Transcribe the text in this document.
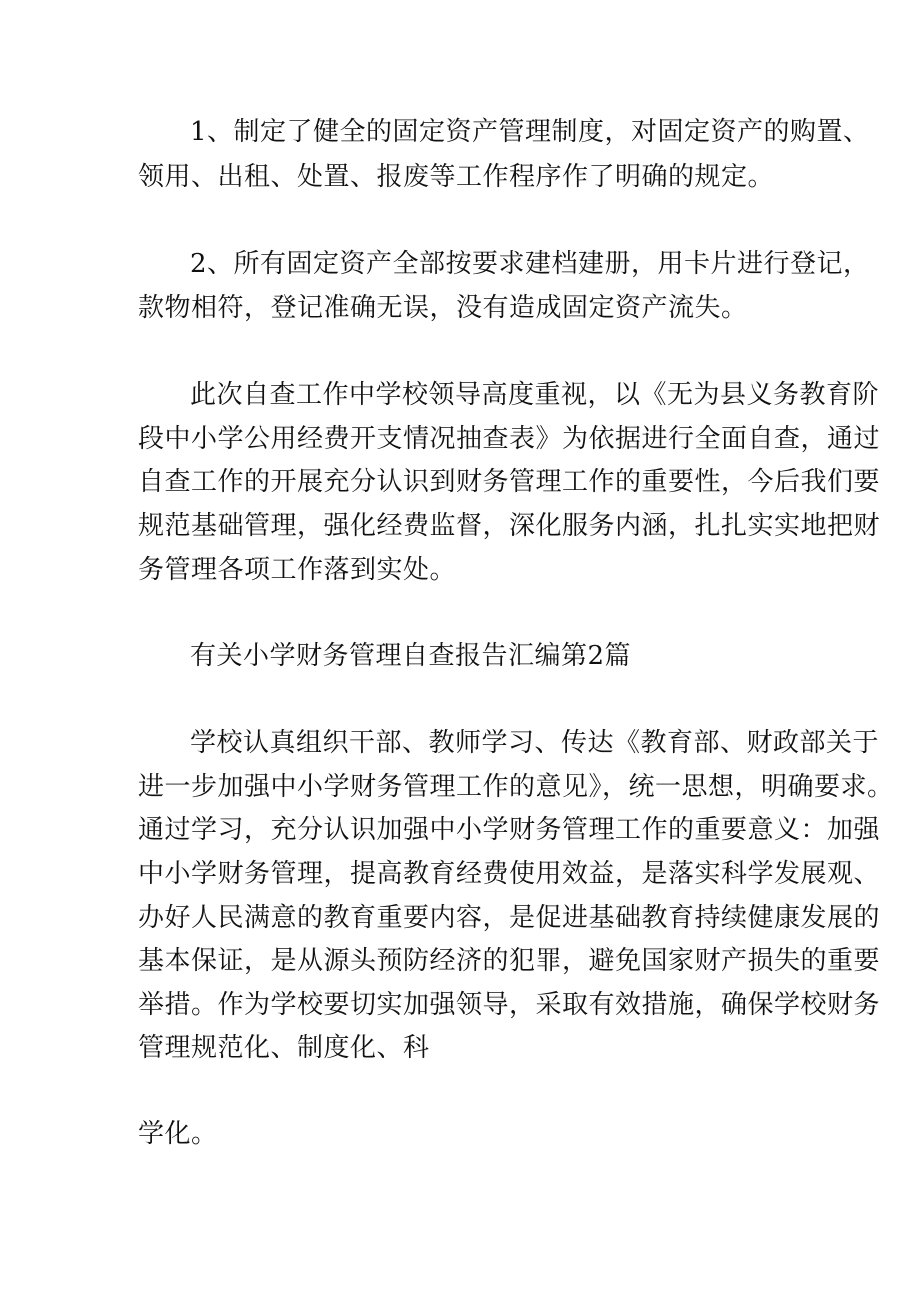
1、制定了健全的固定资产管理制度，对固定资产的购置、
领用、出租、处置、报废等工作程序作了明确的规定。
2、所有固定资产全部按要求建档建册，用卡片进行登记，
款物相符，登记准确无误，没有造成固定资产流失。
此次自查工作中学校领导高度重视，以《无为县义务教育阶
段中小学公用经费开支情况抽查表》为依据进行全面自查，通过
自查工作的开展充分认识到财务管理工作的重要性，今后我们要
规范基础管理，强化经费监督，深化服务内涵，扎扎实实地把财
务管理各项工作落到实处。
有关小学财务管理自查报告汇编第2篇
学校认真组织干部、教师学习、传达《教育部、财政部关于
进一步加强中小学财务管理工作的意见》，统一思想，明确要求。
通过学习，充分认识加强中小学财务管理工作的重要意义：加强
中小学财务管理，提高教育经费使用效益，是落实科学发展观、
办好人民满意的教育重要内容，是促进基础教育持续健康发展的
基本保证，是从源头预防经济的犯罪，避免国家财产损失的重要
举措。作为学校要切实加强领导，采取有效措施，确保学校财务
管理规范化、制度化、科
学化。
